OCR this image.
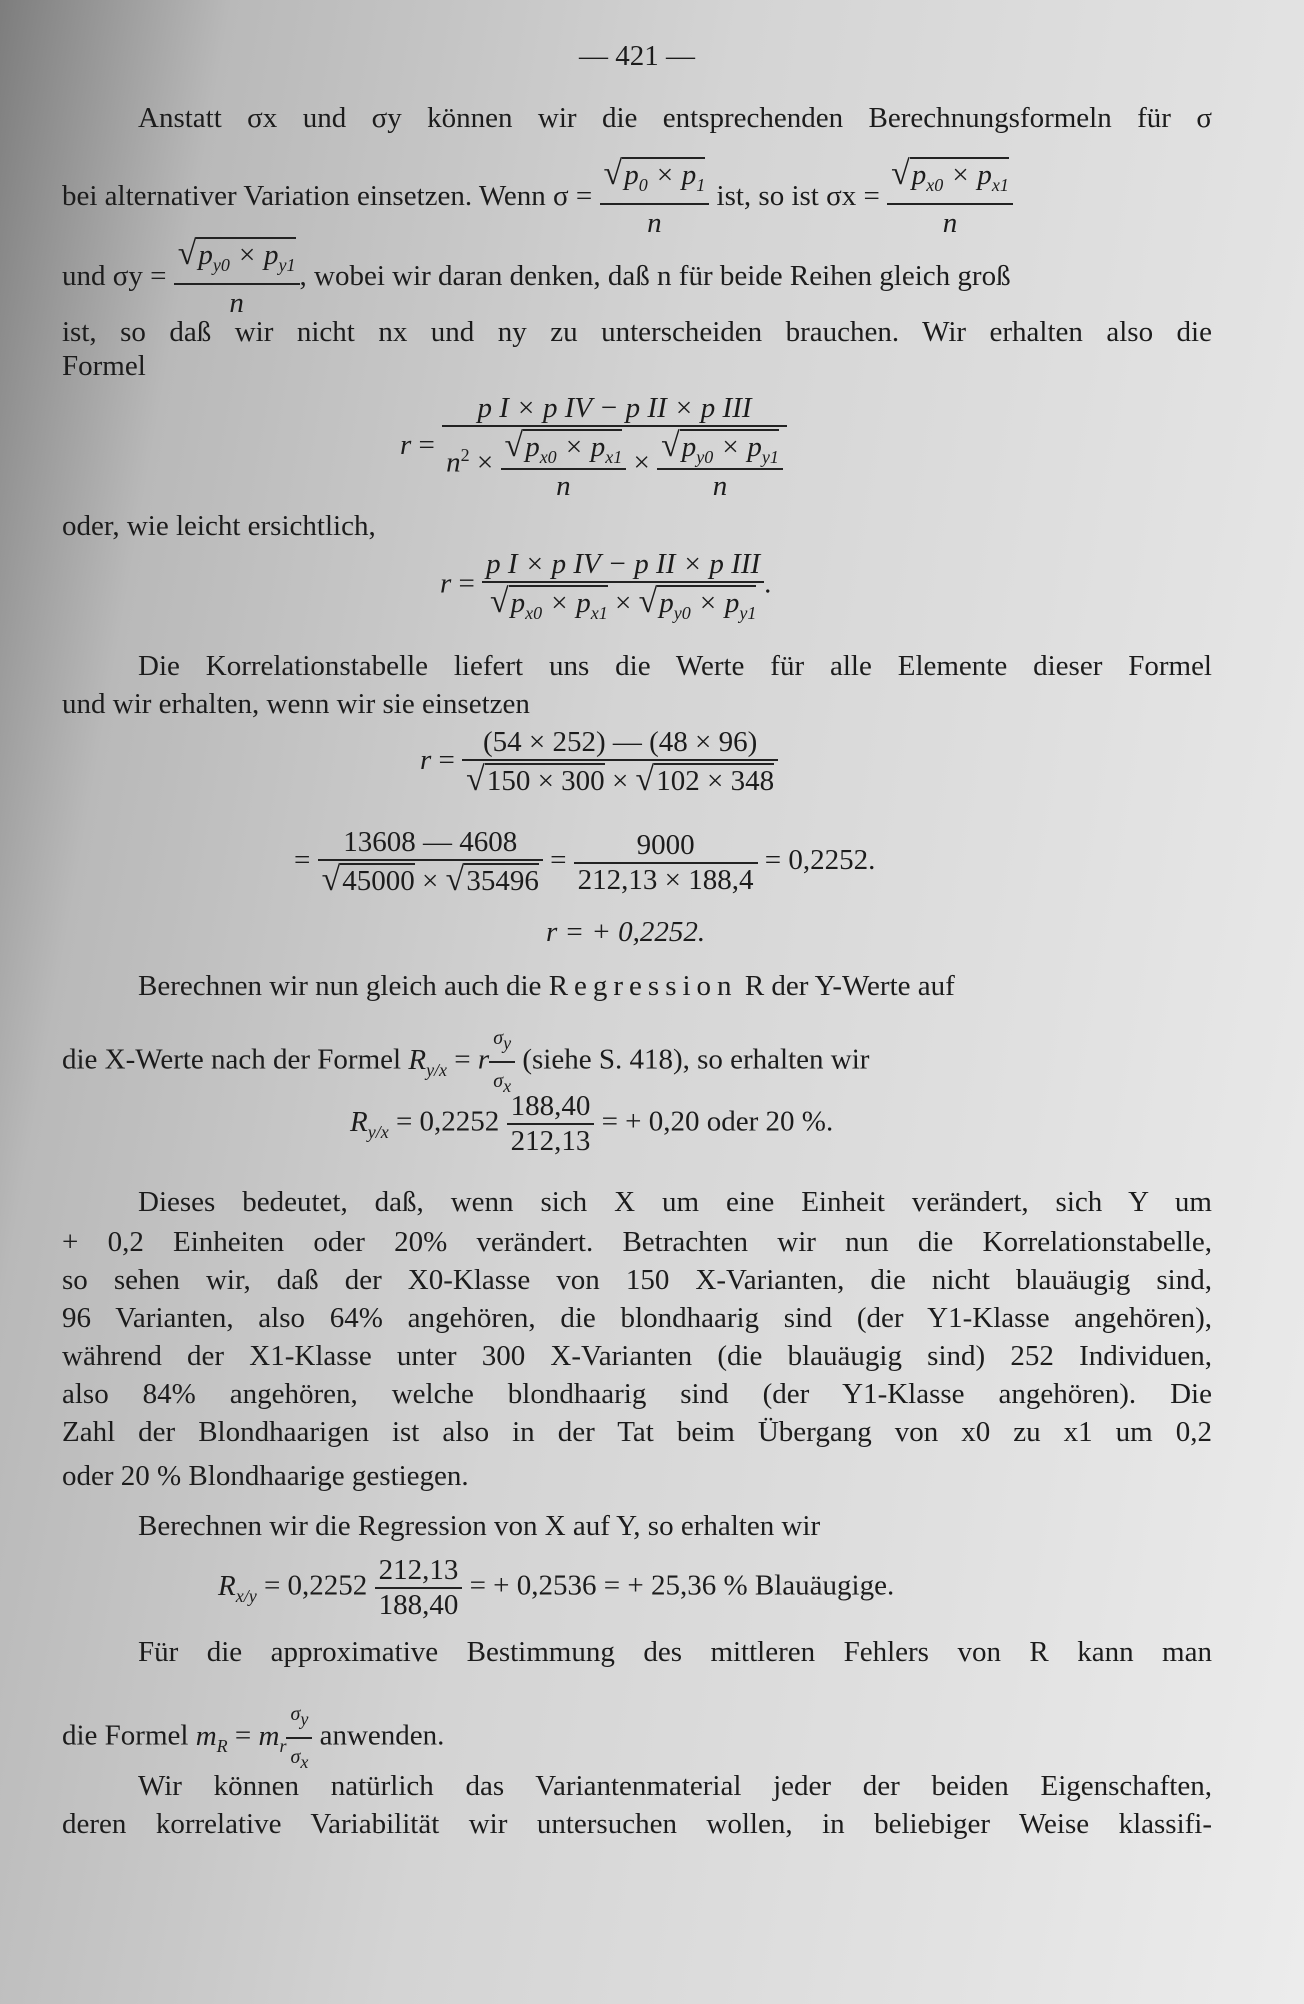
— 421 —
Anstatt σx und σy können wir die entsprechenden Berechnungsformeln für σ
bei alternativer Variation einsetzen. Wenn $\sigma = \frac{√p_0 \times p_1}{n}$ ist, so ist $\sigma x = \frac{√p_{x0} \times p_{x1}}{n}$
und $\sigma y = \frac{√p_{y0} \times p_{y1}}{n}$ , wobei wir daran denken, daß n für beide Reihen gleich groß
ist, so daß wir nicht nx und ny zu unterscheiden brauchen. Wir erhalten also die
Formel
$r = \frac{\text{p I × p IV − p II × p III}}{n^2 \times \frac{√p_{x0} \times p_{x1}}{n} \times \frac{√p_{y0} \times p_{y1}}{n}}$
oder, wie leicht ersichtlich,
$r = \frac{\text{p I × p IV − p II × p III}}{√p_{x0} \times p_{x1} \times √p_{y0} \times p_{y1}}$ .
Die Korrelationstabelle liefert uns die Werte für alle Elemente dieser Formel
und wir erhalten, wenn wir sie einsetzen
$r = \frac{(54 \times 252) — (48 \times 96)}{√150 \times 300 \times √102 \times 348}$
= $\frac{13608 — 4608}{√45000 \times √35496} = \frac{9000}{212,13 \times 188,4} = 0,2252$.
r = + 0,2252.
Berechnen wir nun gleich auch die Regression R der Y-Werte auf
die X-Werte nach der Formel $R_{y/x} = r \frac{\sigma_y}{\sigma_x}$ (siehe S. 418), so erhalten wir
$R_{y/x} = 0,2252 \frac{188,40}{212,13}$ = + 0,20 oder 20 %.
Dieses bedeutet, daß, wenn sich X um eine Einheit verändert, sich Y um
+ 0,2 Einheiten oder 20% verändert. Betrachten wir nun die Korrelationstabelle,
so sehen wir, daß der X0-Klasse von 150 X-Varianten, die nicht blauäugig sind,
96 Varianten, also 64% angehören, die blondhaarig sind (der Y1-Klasse angehören),
während der X1-Klasse unter 300 X-Varianten (die blauäugig sind) 252 Individuen,
also 84% angehören, welche blondhaarig sind (der Y1-Klasse angehören). Die
Zahl der Blondhaarigen ist also in der Tat beim Übergang von x0 zu x1 um 0,2
oder 20 % Blondhaarige gestiegen.
Berechnen wir die Regression von X auf Y, so erhalten wir
$R_{x/y} = 0,2252 \frac{212,13}{188,40}$ = + 0,2536 = + 25,36 % Blauäugige.
Für die approximative Bestimmung des mittleren Fehlers von R kann man
die Formel $m_R = m_r \frac{\sigma_y}{\sigma_x}$ anwenden.
Wir können natürlich das Variantenmaterial jeder der beiden Eigenschaften,
deren korrelative Variabilität wir untersuchen wollen, in beliebiger Weise klassifi-
